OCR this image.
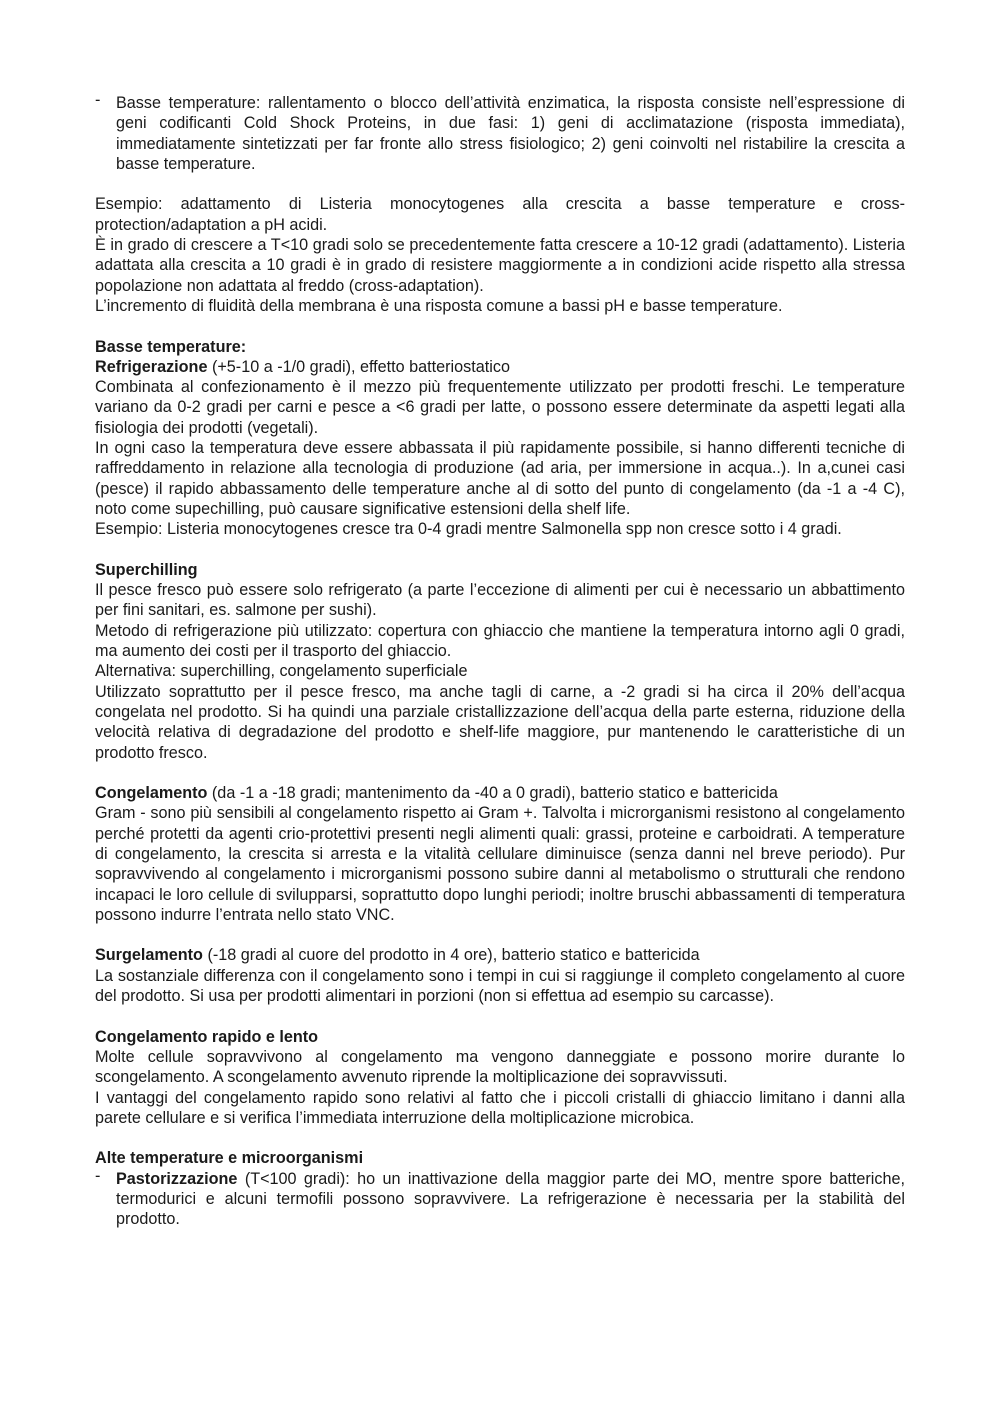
- Basse temperature: rallentamento o blocco dell’attività enzimatica, la risposta consiste nell’espressione di geni codificanti Cold Shock Proteins, in due fasi: 1) geni di acclimatazione (risposta immediata), immediatamente sintetizzati per far fronte allo stress fisiologico; 2) geni coinvolti nel ristabilire la crescita a basse temperature.

Esempio: adattamento di Listeria monocytogenes alla crescita a basse temperature e cross-protection/adaptation a pH acidi.

È in grado di crescere a T<10 gradi solo se precedentemente fatta crescere a 10-12 gradi (adattamento). Listeria adattata alla crescita a 10 gradi è in grado di resistere maggiormente a in condizioni acide rispetto alla stressa popolazione non adattata al freddo (cross-adaptation).

L’incremento di fluidità della membrana è una risposta comune a bassi pH e basse temperature.

Basse temperature:

Refrigerazione (+5-10 a -1/0 gradi), effetto batteriostatico

Combinata al confezionamento è il mezzo più frequentemente utilizzato per prodotti freschi. Le temperature variano da 0-2 gradi per carni e pesce a <6 gradi per latte, o possono essere determinate da aspetti legati alla fisiologia dei prodotti (vegetali).

In ogni caso la temperatura deve essere abbassata il più rapidamente possibile, si hanno differenti tecniche di raffreddamento in relazione alla tecnologia di produzione (ad aria, per immersione in acqua..). In a,cunei casi (pesce) il rapido abbassamento delle temperature anche al di sotto del punto di congelamento (da -1 a -4 C), noto come supechilling, può causare significative estensioni della shelf life.

Esempio: Listeria monocytogenes cresce tra 0-4 gradi mentre Salmonella spp non cresce sotto i 4 gradi.

Superchilling

Il pesce fresco può essere solo refrigerato (a parte l’eccezione di alimenti per cui è necessario un abbattimento per fini sanitari, es. salmone per sushi).

Metodo di refrigerazione più utilizzato: copertura con ghiaccio che mantiene la temperatura intorno agli 0 gradi, ma aumento dei costi per il trasporto del ghiaccio.

Alternativa: superchilling, congelamento superficiale

Utilizzato soprattutto per il pesce fresco, ma anche tagli di carne, a -2 gradi si ha circa il 20% dell’acqua congelata nel prodotto. Si ha quindi una parziale cristallizzazione dell’acqua della parte esterna, riduzione della velocità relativa di degradazione del prodotto e shelf-life maggiore, pur mantenendo le caratteristiche di un prodotto fresco.

Congelamento (da -1 a -18 gradi; mantenimento da -40 a 0 gradi), batterio statico e battericida

Gram - sono più sensibili al congelamento rispetto ai Gram +. Talvolta i microrganismi resistono al congelamento perché protetti da agenti crio-protettivi presenti negli alimenti quali: grassi, proteine e carboidrati. A temperature di congelamento, la crescita si arresta e la vitalità cellulare diminuisce (senza danni nel breve periodo). Pur sopravvivendo al congelamento i microrganismi possono subire danni al metabolismo o strutturali che rendono incapaci le loro cellule di svilupparsi, soprattutto dopo lunghi periodi; inoltre bruschi abbassamenti di temperatura possono indurre l’entrata nello stato VNC.

Surgelamento (-18 gradi al cuore del prodotto in 4 ore), batterio statico e battericida

La sostanziale differenza con il congelamento sono i tempi in cui si raggiunge il completo congelamento al cuore del prodotto. Si usa per prodotti alimentari in porzioni (non si effettua ad esempio su carcasse).

Congelamento rapido e lento

Molte cellule sopravvivono al congelamento ma vengono danneggiate e possono morire durante lo scongelamento. A scongelamento avvenuto riprende la moltiplicazione dei sopravvissuti.

I vantaggi del congelamento rapido sono relativi al fatto che i piccoli cristalli di ghiaccio limitano i danni alla parete cellulare e si verifica l’immediata interruzione della moltiplicazione microbica.

Alte temperature e microorganismi

- Pastorizzazione (T<100 gradi): ho un inattivazione della maggior parte dei MO, mentre spore batteriche, termodurici e alcuni termofili possono sopravvivere. La refrigerazione è necessaria per la stabilità del prodotto.
